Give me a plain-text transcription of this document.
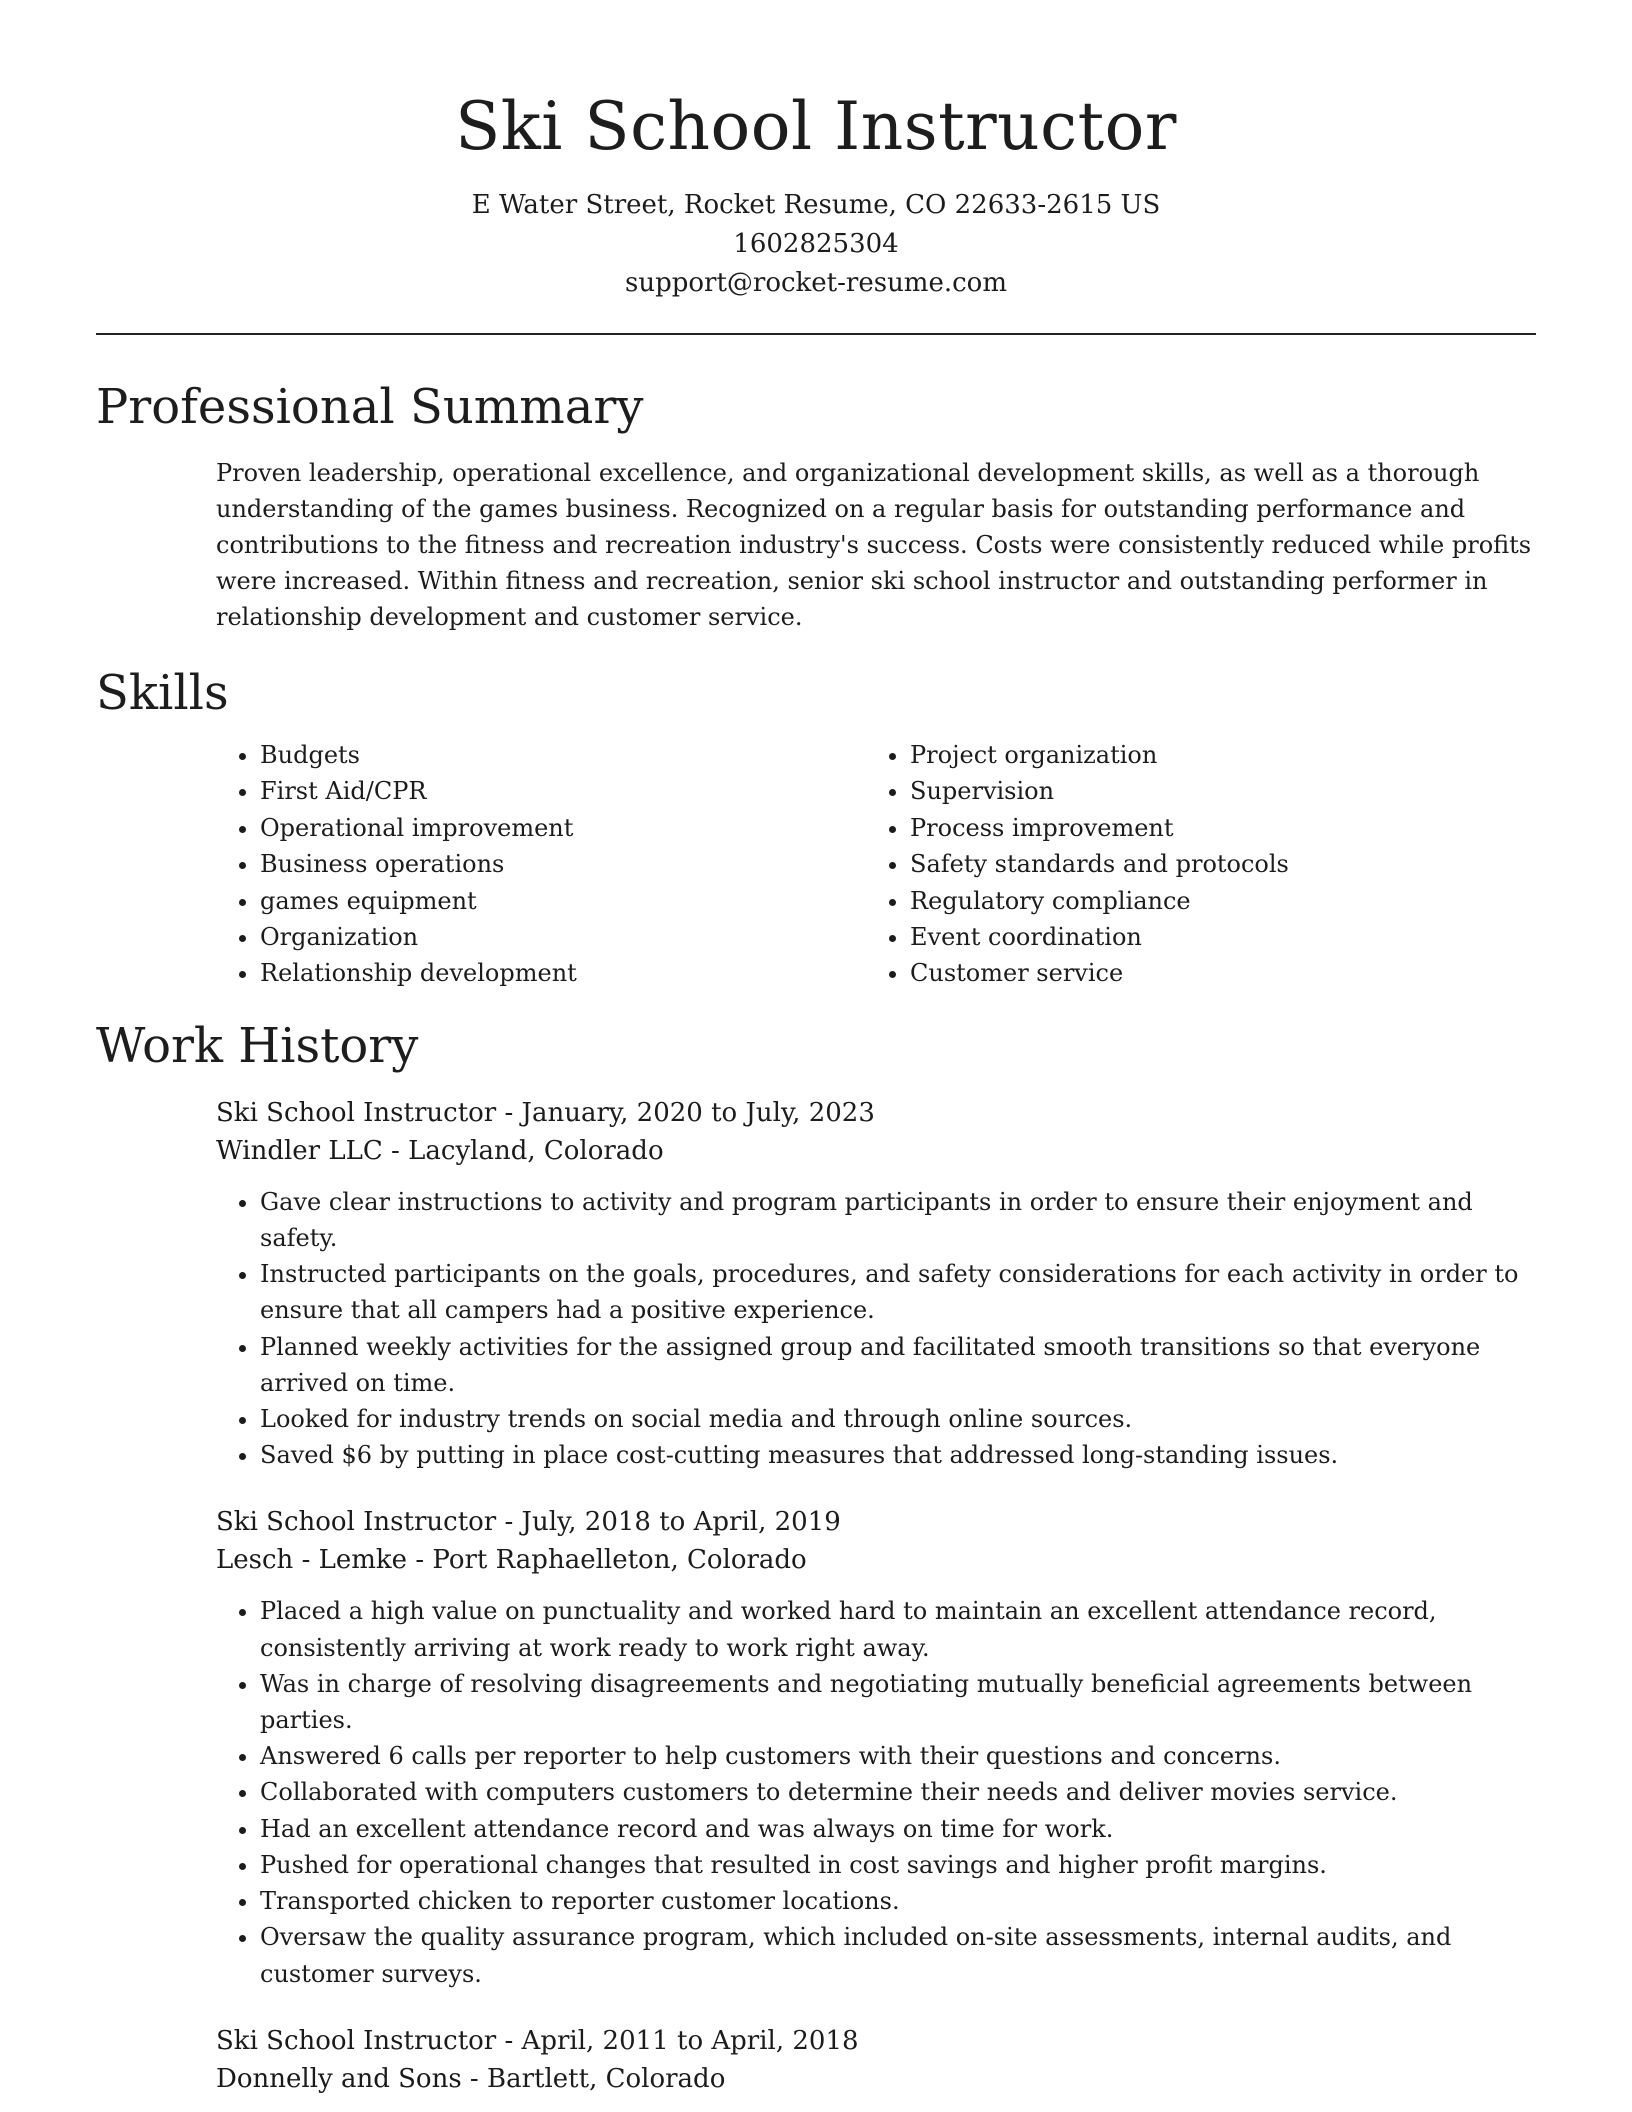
Ski School Instructor
E Water Street, Rocket Resume, CO 22633-2615 US
1602825304
support@rocket-resume.com
Professional Summary
Proven leadership, operational excellence, and organizational development skills, as well as a thorough understanding of the games business. Recognized on a regular basis for outstanding performance and contributions to the fitness and recreation industry's success. Costs were consistently reduced while profits were increased. Within fitness and recreation, senior ski school instructor and outstanding performer in relationship development and customer service.
Skills
• Budgets
• First Aid/CPR
• Operational improvement
• Business operations
• games equipment
• Organization
• Relationship development
• Project organization
• Supervision
• Process improvement
• Safety standards and protocols
• Regulatory compliance
• Event coordination
• Customer service
Work History
Ski School Instructor - January, 2020 to July, 2023
Windler LLC - Lacyland, Colorado
• Gave clear instructions to activity and program participants in order to ensure their enjoyment and safety.
• Instructed participants on the goals, procedures, and safety considerations for each activity in order to ensure that all campers had a positive experience.
• Planned weekly activities for the assigned group and facilitated smooth transitions so that everyone arrived on time.
• Looked for industry trends on social media and through online sources.
• Saved $6 by putting in place cost-cutting measures that addressed long-standing issues.
Ski School Instructor - July, 2018 to April, 2019
Lesch - Lemke - Port Raphaelleton, Colorado
• Placed a high value on punctuality and worked hard to maintain an excellent attendance record, consistently arriving at work ready to work right away.
• Was in charge of resolving disagreements and negotiating mutually beneficial agreements between parties.
• Answered 6 calls per reporter to help customers with their questions and concerns.
• Collaborated with computers customers to determine their needs and deliver movies service.
• Had an excellent attendance record and was always on time for work.
• Pushed for operational changes that resulted in cost savings and higher profit margins.
• Transported chicken to reporter customer locations.
• Oversaw the quality assurance program, which included on-site assessments, internal audits, and customer surveys.
Ski School Instructor - April, 2011 to April, 2018
Donnelly and Sons - Bartlett, Colorado
